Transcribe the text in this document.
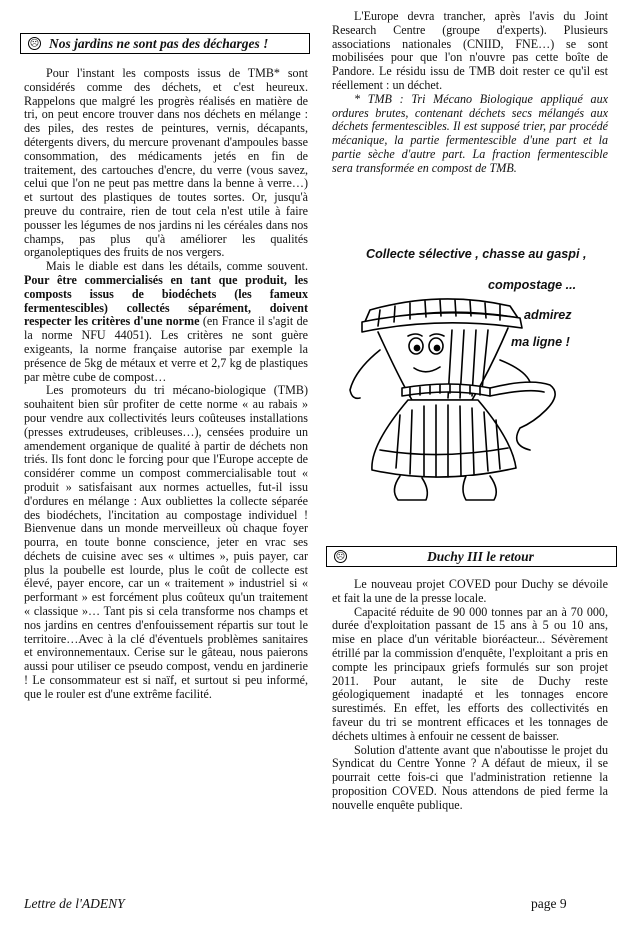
☹ Nos jardins ne sont pas des décharges !

Pour l'instant les composts issus de TMB* sont considérés comme des déchets, et c'est heureux. Rappelons que malgré les progrès réalisés en matière de tri, on peut encore trouver dans nos déchets en mélange : des piles, des restes de peintures, vernis, décapants, détergents divers, du mercure provenant d'ampoules basse consommation, des médicaments jetés en fin de traitement, des cartouches d'encre, du verre (vous savez, celui que l'on ne peut pas mettre dans la benne à verre…) et surtout des plastiques de toutes sortes. Or, jusqu'à preuve du contraire, rien de tout cela n'est utile à faire pousser les légumes de nos jardins ni les céréales dans nos champs, pas plus qu'à améliorer les qualités organoleptiques des fruits de nos vergers.

Mais le diable est dans les détails, comme souvent. Pour être commercialisés en tant que produit, les composts issus de biodéchets (les fameux fermentescibles) collectés séparément, doivent respecter les critères d'une norme (en France il s'agit de la norme NFU 44051). Les critères ne sont guère exigeants, la norme française autorise par exemple la présence de 5kg de métaux et verre et 2,7 kg de plastiques par mètre cube de compost…

Les promoteurs du tri mécano-biologique (TMB) souhaitent bien sûr profiter de cette norme « au rabais » pour vendre aux collectivités leurs coûteuses installations (presses extrudeuses, cribleuses…), censées produire un amendement organique de qualité à partir de déchets non triés. Ils font donc le forcing pour que l'Europe accepte de considérer comme un compost commercialisable tout « produit » satisfaisant aux normes actuelles, fut-il issu d'ordures en mélange : Aux oubliettes la collecte séparée des biodéchets, l'incitation au compostage individuel ! Bienvenue dans un monde merveilleux où chaque foyer pourra, en toute bonne conscience, jeter en vrac ses déchets de cuisine avec ses « ultimes », puis payer, car plus la poubelle est lourde, plus le coût de collecte est élevé, payer encore, car un « traitement » industriel si « performant » est forcément plus coûteux qu'un traitement « classique »… Tant pis si cela transforme nos champs et nos jardins en centres d'enfouissement répartis sur tout le territoire…Avec à la clé d'éventuels problèmes sanitaires et environnementaux. Cerise sur le gâteau, nous paierons aussi pour utiliser ce pseudo compost, vendu en jardinerie ! Le consommateur est si naïf, et surtout si peu informé, que le rouler est d'une extrême facilité.

L'Europe devra trancher, après l'avis du Joint Research Centre (groupe d'experts). Plusieurs associations nationales (CNIID, FNE…) se sont mobilisées pour que l'on n'ouvre pas cette boîte de Pandore. Le résidu issu de TMB doit rester ce qu'il est réellement : un déchet.

* TMB : Tri Mécano Biologique appliqué aux ordures brutes, contenant déchets secs mélangés aux déchets fermentescibles. Il est supposé trier, par procédé mécanique, la partie fermentescible d'une part et la partie sèche d'autre part. La fraction fermentescible sera transformée en compost de TMB.

Collecte sélective , chasse au gaspi ,
compostage ...
admirez
ma ligne !
☹	Duchy III le retour

Le nouveau projet COVED pour Duchy se dévoile et fait la une de la presse locale.

Capacité réduite de 90 000 tonnes par an à 70 000, durée d'exploitation passant de 15 ans à 5 ou 10 ans, mise en place d'un véritable bioréacteur... Sévèrement étrillé par la commission d'enquête, l'exploitant a pris en compte les principaux griefs formulés sur son projet 2011. Pour autant, le site de Duchy reste géologiquement inadapté et les tonnages encore surestimés. En effet, les efforts des collectivités en faveur du tri se montrent efficaces et les tonnages de déchets ultimes à enfouir ne cessent de baisser.

Solution d'attente avant que n'aboutisse le projet du Syndicat du Centre Yonne ? A défaut de mieux, il se pourrait cette fois-ci que l'administration retienne la proposition COVED. Nous attendons de pied ferme la nouvelle enquête publique.

Lettre de l'ADENY	page 9
